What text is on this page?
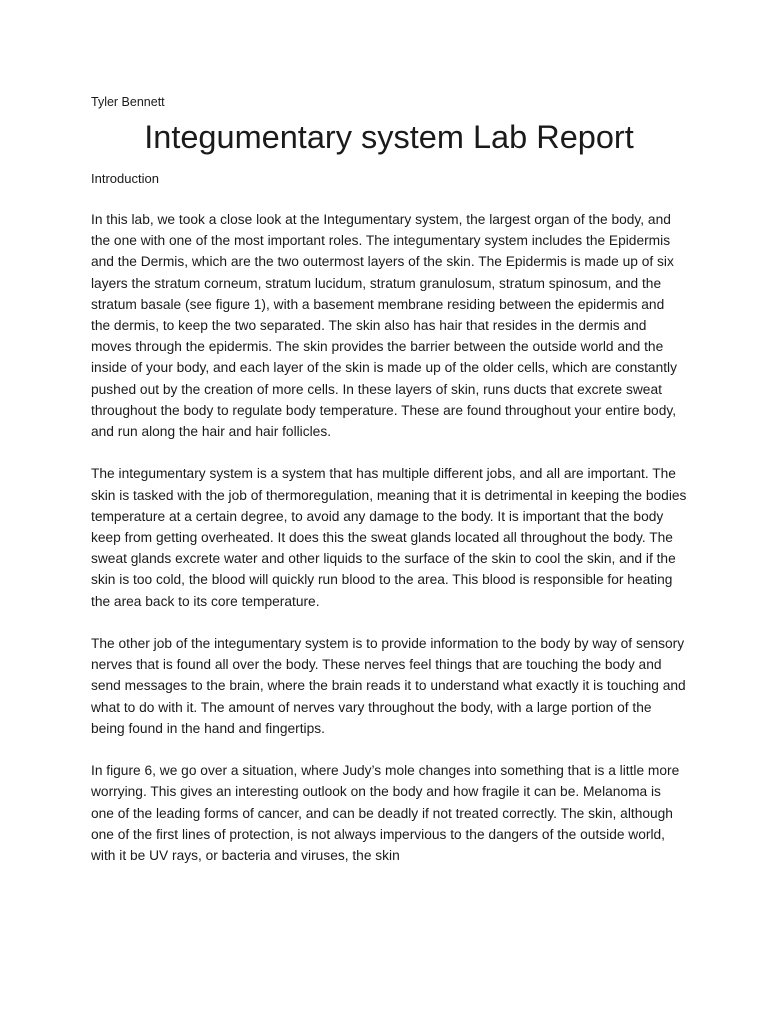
Tyler Bennett

Integumentary system Lab Report

Introduction

In this lab, we took a close look at the Integumentary system, the largest organ of the body, and the one with one of the most important roles. The integumentary system includes the Epidermis and the Dermis, which are the two outermost layers of the skin. The Epidermis is made up of six layers the stratum corneum, stratum lucidum, stratum granulosum, stratum spinosum, and the stratum basale (see figure 1), with a basement membrane residing between the epidermis and the dermis, to keep the two separated. The skin also has hair that resides in the dermis and moves through the epidermis. The skin provides the barrier between the outside world and the inside of your body, and each layer of the skin is made up of the older cells, which are constantly pushed out by the creation of more cells. In these layers of skin, runs ducts that excrete sweat throughout the body to regulate body temperature. These are found throughout your entire body, and run along the hair and hair follicles.

The integumentary system is a system that has multiple different jobs, and all are important. The skin is tasked with the job of thermoregulation, meaning that it is detrimental in keeping the bodies temperature at a certain degree, to avoid any damage to the body. It is important that the body keep from getting overheated. It does this the sweat glands located all throughout the body. The sweat glands excrete water and other liquids to the surface of the skin to cool the skin, and if the skin is too cold, the blood will quickly run blood to the area. This blood is responsible for heating the area back to its core temperature.

The other job of the integumentary system is to provide information to the body by way of sensory nerves that is found all over the body. These nerves feel things that are touching the body and send messages to the brain, where the brain reads it to understand what exactly it is touching and what to do with it. The amount of nerves vary throughout the body, with a large portion of the being found in the hand and fingertips.

In figure 6, we go over a situation, where Judy’s mole changes into something that is a little more worrying. This gives an interesting outlook on the body and how fragile it can be. Melanoma is one of the leading forms of cancer, and can be deadly if not treated correctly. The skin, although one of the first lines of protection, is not always impervious to the dangers of the outside world, with it be UV rays, or bacteria and viruses, the skin
